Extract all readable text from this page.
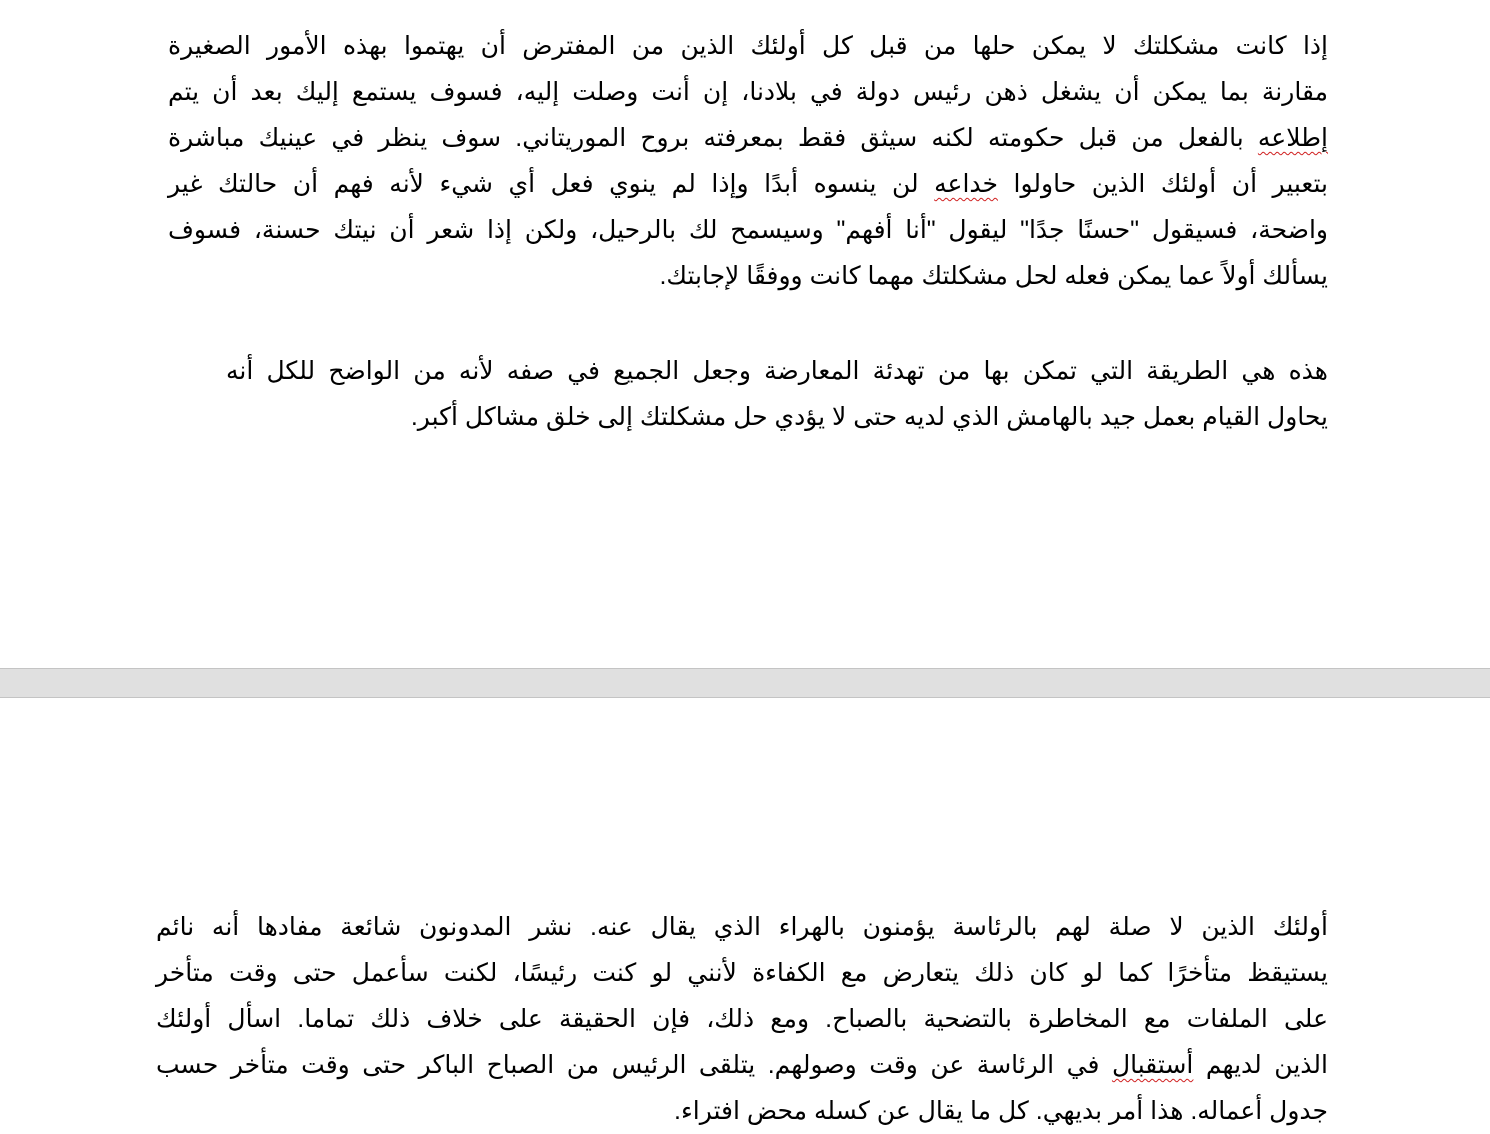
إذا كانت مشكلتك لا يمكن حلها من قبل كل أولئك الذين من المفترض أن يهتموا بهذه الأمور الصغيرة
مقارنة بما يمكن أن يشغل ذهن رئيس دولة في بلادنا، إن أنت وصلت إليه، فسوف يستمع إليك بعد أن يتم
إطلاعه بالفعل من قبل حكومته لكنه سيثق فقط بمعرفته بروح الموريتاني. سوف ينظر في عينيك مباشرة
بتعبير أن أولئك الذين حاولوا خداعه لن ينسوه أبدًا وإذا لم ينوي فعل أي شيء لأنه فهم أن حالتك غير
واضحة، فسيقول "حسنًا جدًا" ليقول "أنا أفهم" وسيسمح لك بالرحيل، ولكن إذا شعر أن نيتك حسنة، فسوف
يسألك أولاً عما يمكن فعله لحل مشكلتك مهما كانت ووفقًا لإجابتك.
هذه هي الطريقة التي تمكن بها من تهدئة المعارضة وجعل الجميع في صفه لأنه من الواضح للكل أنه
يحاول القيام بعمل جيد بالهامش الذي لديه حتى لا يؤدي حل مشكلتك إلى خلق مشاكل أكبر.
أولئك الذين لا صلة لهم بالرئاسة يؤمنون بالهراء الذي يقال عنه. نشر المدونون شائعة مفادها أنه نائم
يستيقظ متأخرًا كما لو كان ذلك يتعارض مع الكفاءة لأنني لو كنت رئيسًا، لكنت سأعمل حتى وقت متأخر
على الملفات مع المخاطرة بالتضحية بالصباح. ومع ذلك، فإن الحقيقة على خلاف ذلك تماما. اسأل أولئك
الذين لديهم أستقبال في الرئاسة عن وقت وصولهم. يتلقى الرئيس من الصباح الباكر حتى وقت متأخر حسب
جدول أعماله. هذا أمر بديهي. كل ما يقال عن كسله محض افتراء.
